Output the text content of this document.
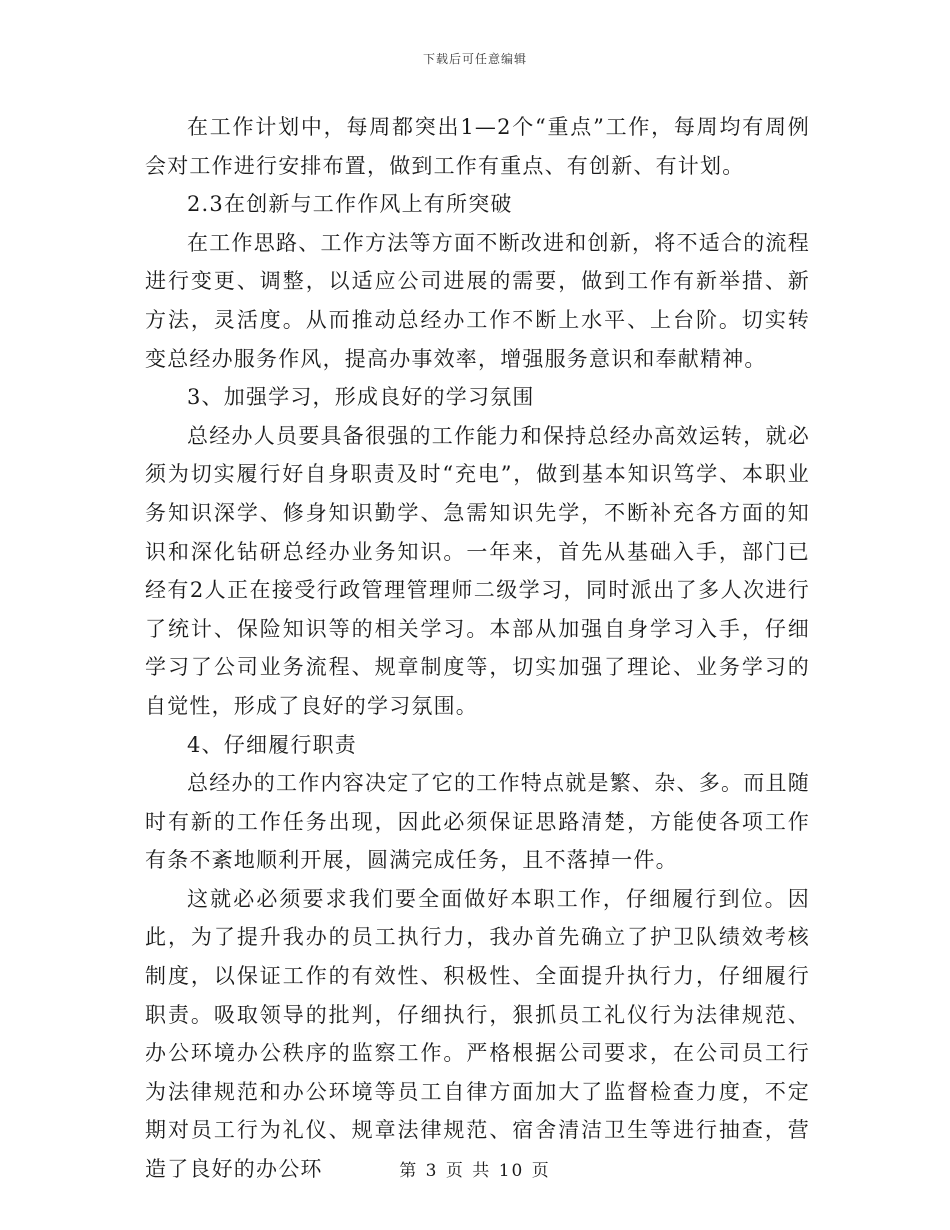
下载后可任意编辑

在工作计划中，每周都突出1—2个“重点”工作，每周均有周例会对工作进行安排布置，做到工作有重点、有创新、有计划。

2.3在创新与工作作风上有所突破

在工作思路、工作方法等方面不断改进和创新，将不适合的流程进行变更、调整，以适应公司进展的需要，做到工作有新举措、新方法，灵活度。从而推动总经办工作不断上水平、上台阶。切实转变总经办服务作风，提高办事效率，增强服务意识和奉献精神。

3、加强学习，形成良好的学习氛围

总经办人员要具备很强的工作能力和保持总经办高效运转，就必须为切实履行好自身职责及时“充电”，做到基本知识笃学、本职业务知识深学、修身知识勤学、急需知识先学，不断补充各方面的知识和深化钻研总经办业务知识。一年来，首先从基础入手，部门已经有2人正在接受行政管理管理师二级学习，同时派出了多人次进行了统计、保险知识等的相关学习。本部从加强自身学习入手，仔细学习了公司业务流程、规章制度等，切实加强了理论、业务学习的自觉性，形成了良好的学习氛围。

4、仔细履行职责

总经办的工作内容决定了它的工作特点就是繁、杂、多。而且随时有新的工作任务出现，因此必须保证思路清楚，方能使各项工作有条不紊地顺利开展，圆满完成任务，且不落掉一件。

这就必必须要求我们要全面做好本职工作，仔细履行到位。因此，为了提升我办的员工执行力，我办首先确立了护卫队绩效考核制度，以保证工作的有效性、积极性、全面提升执行力，仔细履行职责。吸取领导的批判，仔细执行，狠抓员工礼仪行为法律规范、办公环境办公秩序的监察工作。严格根据公司要求，在公司员工行为法律规范和办公环境等员工自律方面加大了监督检查力度，不定期对员工行为礼仪、规章法律规范、宿舍清洁卫生等进行抽查，营造了良好的办公环	第 3 页 共 10 页
